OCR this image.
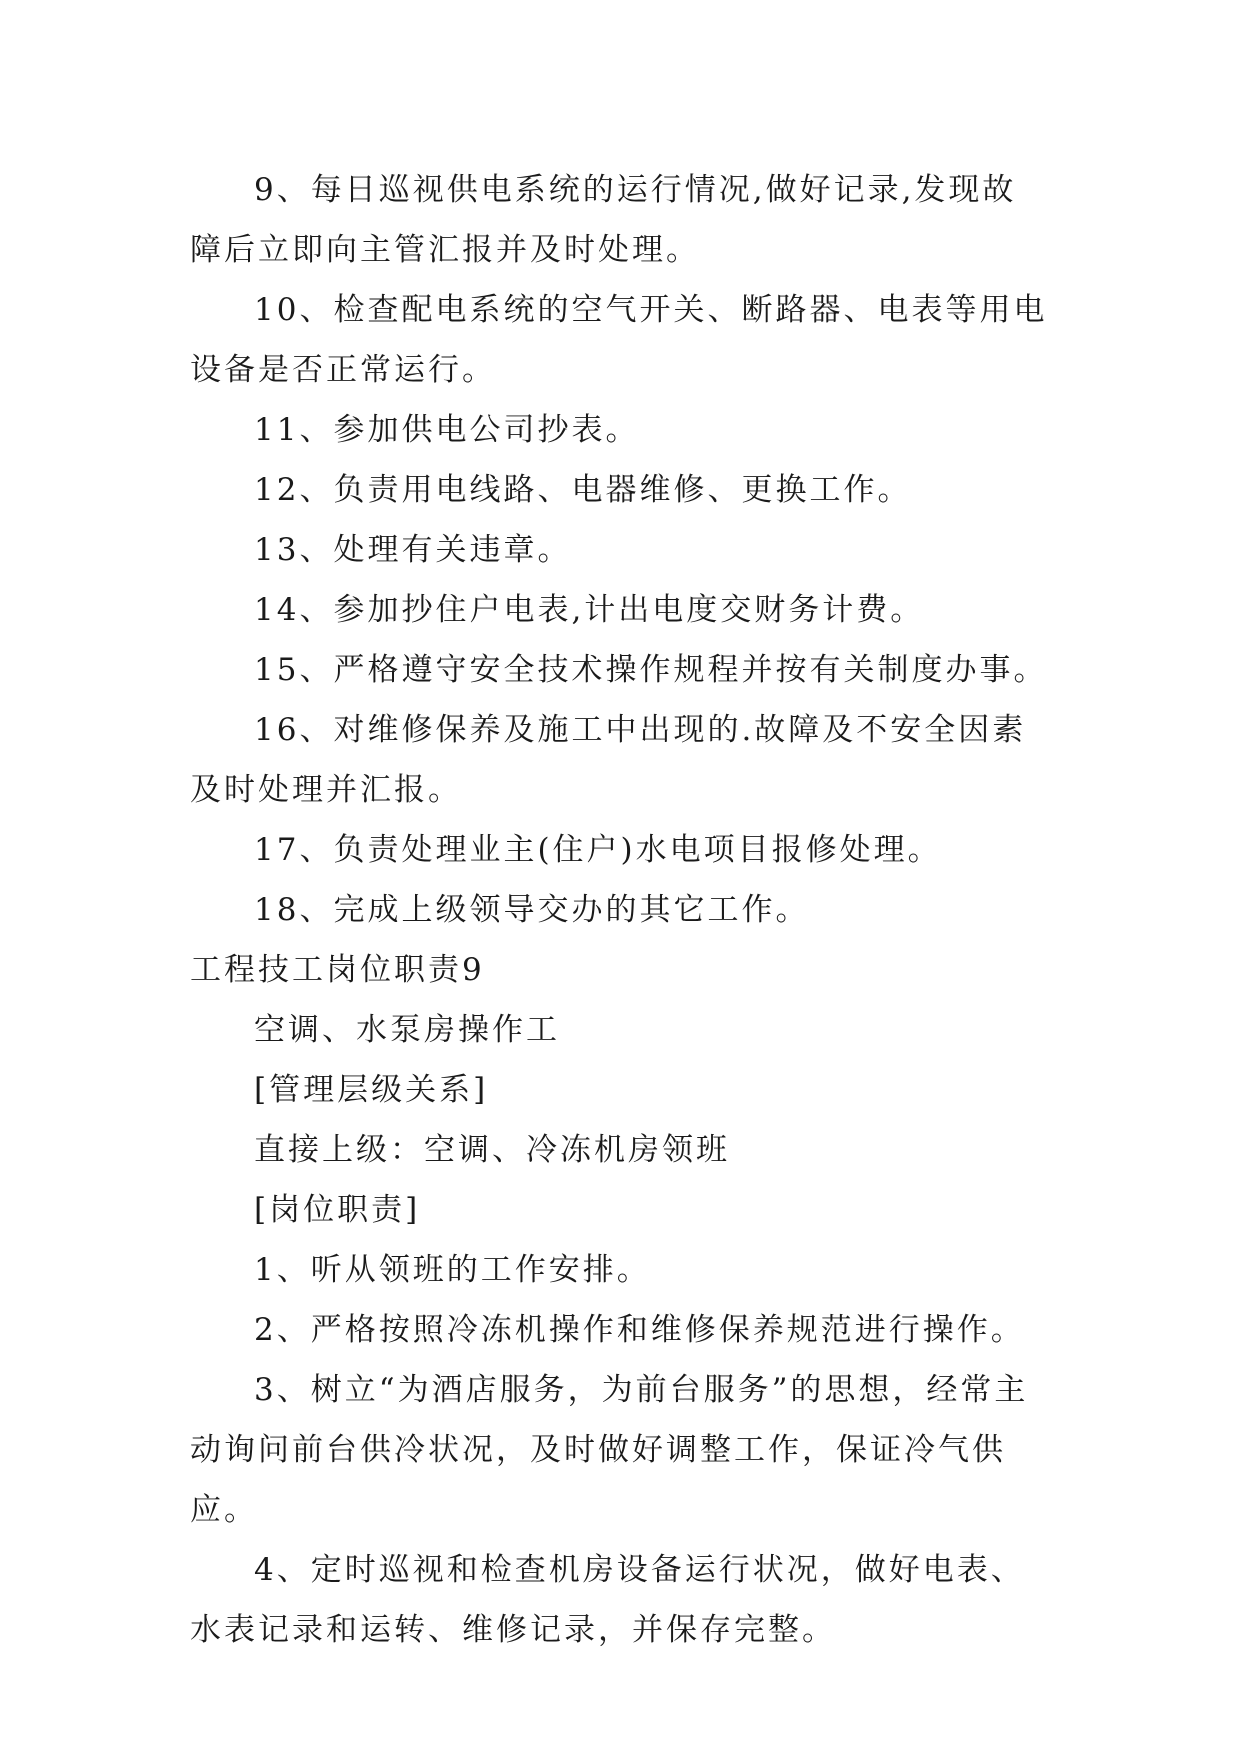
9、每日巡视供电系统的运行情况,做好记录,发现故障后立即向主管汇报并及时处理。

10、检查配电系统的空气开关、断路器、电表等用电设备是否正常运行。

11、参加供电公司抄表。

12、负责用电线路、电器维修、更换工作。

13、处理有关违章。

14、参加抄住户电表,计出电度交财务计费。

15、严格遵守安全技术操作规程并按有关制度办事。

16、对维修保养及施工中出现的.故障及不安全因素及时处理并汇报。

17、负责处理业主(住户)水电项目报修处理。

18、完成上级领导交办的其它工作。

工程技工岗位职责9

空调、水泵房操作工

[管理层级关系]

直接上级：空调、冷冻机房领班

[岗位职责]

1、听从领班的工作安排。

2、严格按照冷冻机操作和维修保养规范进行操作。

3、树立“为酒店服务，为前台服务”的思想，经常主动询问前台供冷状况，及时做好调整工作，保证冷气供应。

4、定时巡视和检查机房设备运行状况，做好电表、水表记录和运转、维修记录，并保存完整。
